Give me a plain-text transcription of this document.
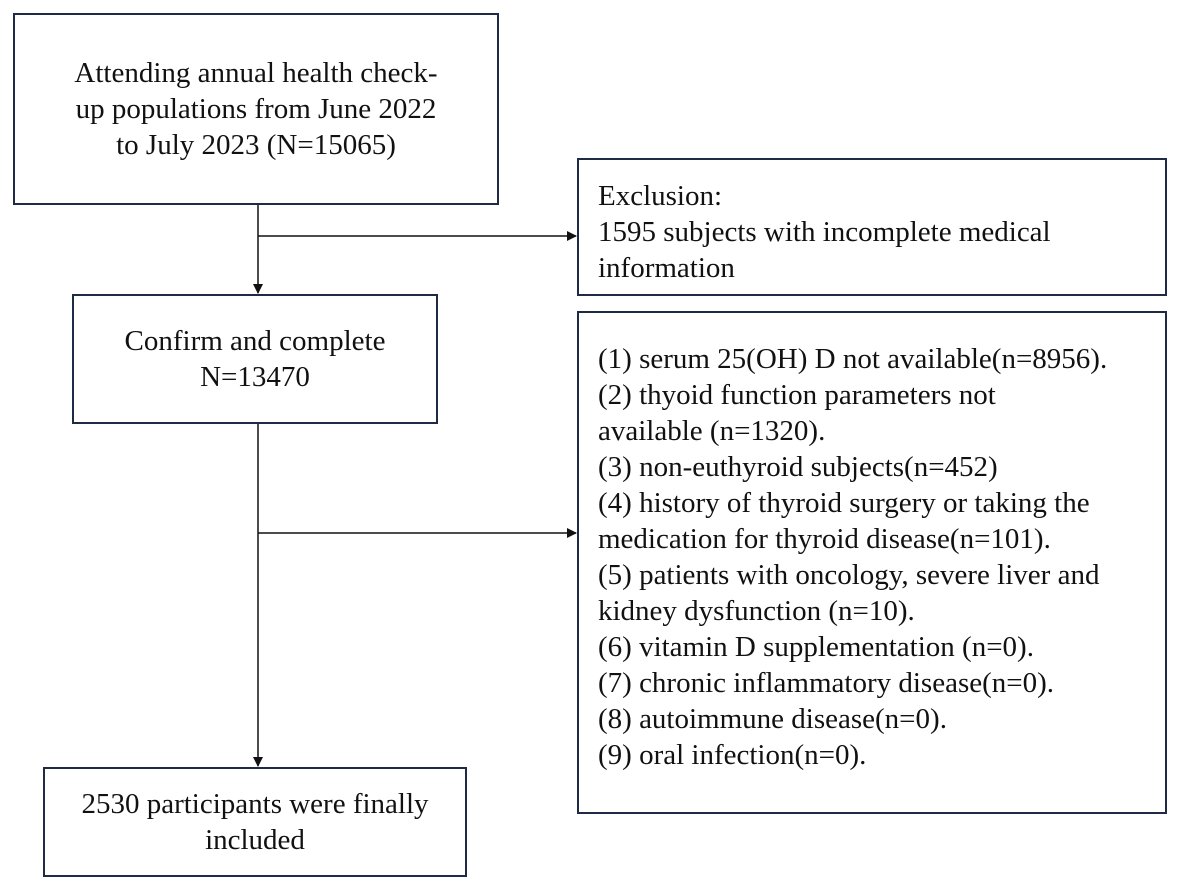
Attending annual health check-
up populations from June 2022
to July 2023 (N=15065)
Exclusion:
1595 subjects with incomplete medical
information
Confirm and complete
N=13470
(1) serum 25(OH) D not available(n=8956).
(2) thyoid function parameters not
available (n=1320).
(3) non-euthyroid subjects(n=452)
(4) history of thyroid surgery or taking the
medication for thyroid disease(n=101).
(5) patients with oncology, severe liver and
kidney dysfunction (n=10).
(6) vitamin D supplementation (n=0).
(7) chronic inflammatory disease(n=0).
(8) autoimmune disease(n=0).
(9) oral infection(n=0).
2530 participants were finally
included
